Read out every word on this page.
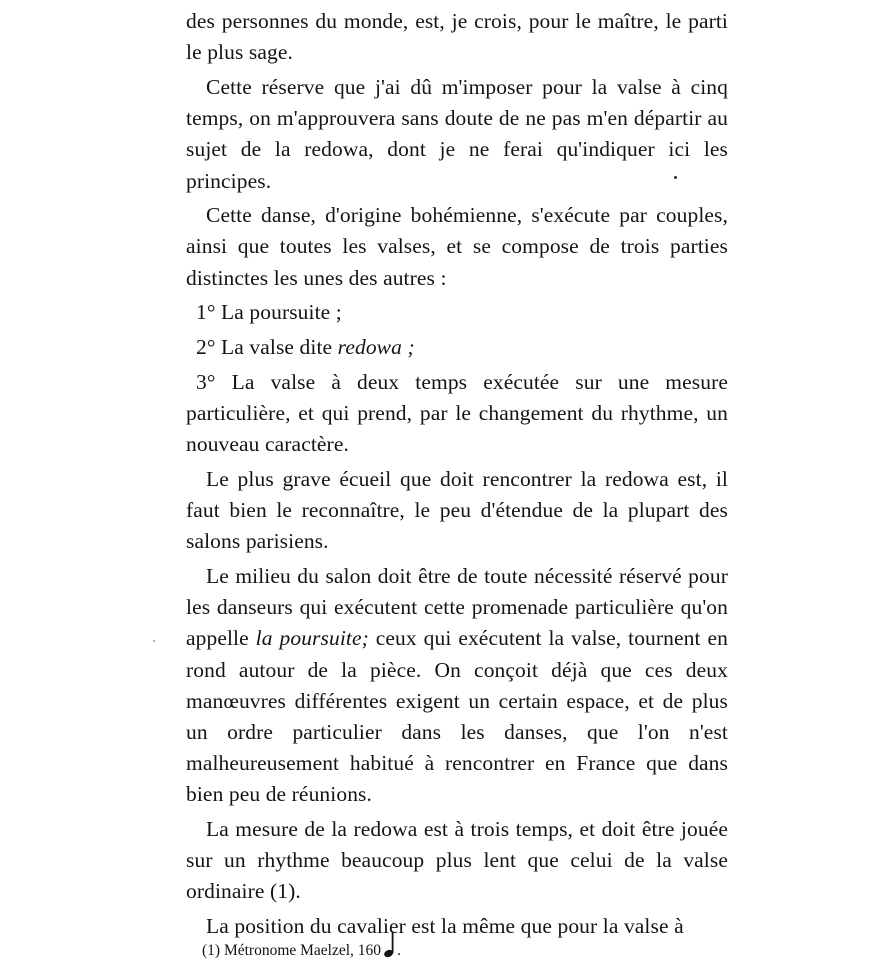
des personnes du monde, est, je crois, pour le maître, le parti le plus sage.

Cette réserve que j'ai dû m'imposer pour la valse à cinq temps, on m'approuvera sans doute de ne pas m'en départir au sujet de la redowa, dont je ne ferai qu'indiquer ici les principes.

Cette danse, d'origine bohémienne, s'exécute par couples, ainsi que toutes les valses, et se compose de trois parties distinctes les unes des autres :

1° La poursuite ;

2° La valse dite redowa ;

3° La valse à deux temps exécutée sur une mesure particulière, et qui prend, par le changement du rhythme, un nouveau caractère.

Le plus grave écueil que doit rencontrer la redowa est, il faut bien le reconnaître, le peu d'étendue de la plupart des salons parisiens.

Le milieu du salon doit être de toute nécessité réservé pour les danseurs qui exécutent cette promenade particulière qu'on appelle la poursuite; ceux qui exécutent la valse, tournent en rond autour de la pièce. On conçoit déjà que ces deux manœuvres différentes exigent un certain espace, et de plus un ordre particulier dans les danses, que l'on n'est malheureusement habitué à rencontrer en France que dans bien peu de réunions.

La mesure de la redowa est à trois temps, et doit être jouée sur un rhythme beaucoup plus lent que celui de la valse ordinaire (1).

La position du cavalier est la même que pour la valse à

(1) Métronome Maelzel, 160 .
